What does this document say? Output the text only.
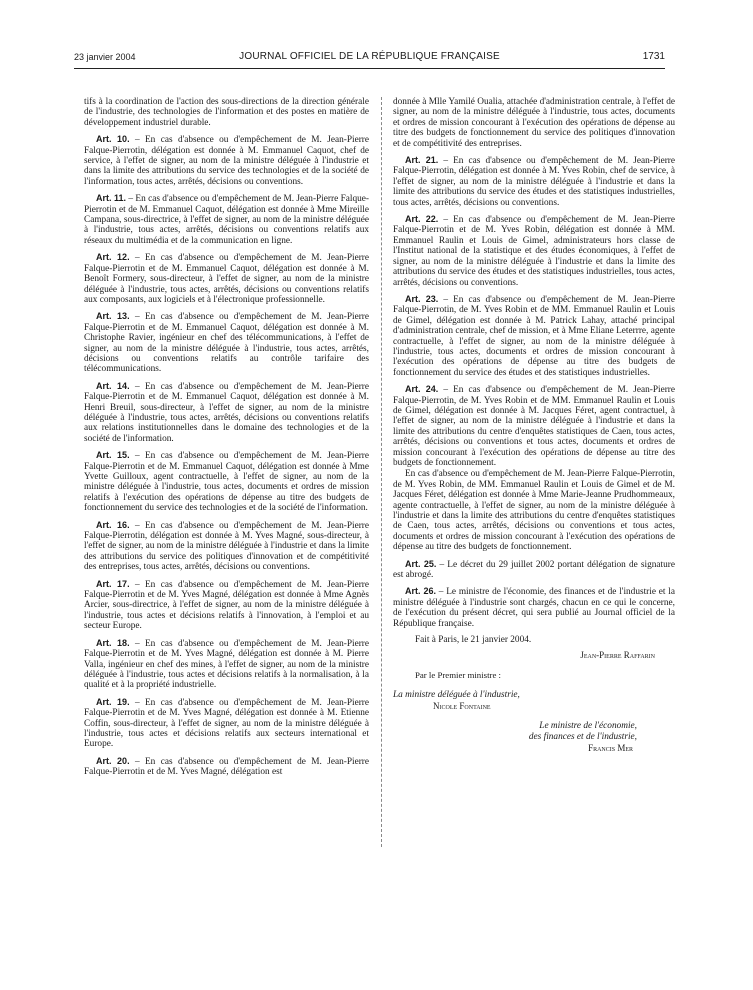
23 janvier 2004	JOURNAL OFFICIEL DE LA RÉPUBLIQUE FRANÇAISE	1731

tifs à la coordination de l'action des sous-directions de la direction générale de l'industrie, des technologies de l'information et des postes en matière de développement industriel durable.

Art. 10. – En cas d'absence ou d'empêchement de M. Jean-Pierre Falque-Pierrotin, délégation est donnée à M. Emmanuel Caquot, chef de service, à l'effet de signer, au nom de la ministre déléguée à l'industrie et dans la limite des attributions du service des technologies et de la société de l'information, tous actes, arrêtés, décisions ou conventions.

Art. 11. – En cas d'absence ou d'empêchement de M. Jean-Pierre Falque-Pierrotin et de M. Emmanuel Caquot, délégation est donnée à Mme Mireille Campana, sous-directrice, à l'effet de signer, au nom de la ministre déléguée à l'industrie, tous actes, arrêtés, décisions ou conventions relatifs aux réseaux du multimédia et de la communication en ligne.

Art. 12. – En cas d'absence ou d'empêchement de M. Jean-Pierre Falque-Pierrotin et de M. Emmanuel Caquot, délégation est donnée à M. Benoît Formery, sous-directeur, à l'effet de signer, au nom de la ministre déléguée à l'industrie, tous actes, arrêtés, décisions ou conventions relatifs aux composants, aux logiciels et à l'électronique professionnelle.

Art. 13. – En cas d'absence ou d'empêchement de M. Jean-Pierre Falque-Pierrotin et de M. Emmanuel Caquot, délégation est donnée à M. Christophe Ravier, ingénieur en chef des télécommunications, à l'effet de signer, au nom de la ministre déléguée à l'industrie, tous actes, arrêtés, décisions ou conventions relatifs au contrôle tarifaire des télécommunications.

Art. 14. – En cas d'absence ou d'empêchement de M. Jean-Pierre Falque-Pierrotin et de M. Emmanuel Caquot, délégation est donnée à M. Henri Breuil, sous-directeur, à l'effet de signer, au nom de la ministre déléguée à l'industrie, tous actes, arrêtés, décisions ou conventions relatifs aux relations institutionnelles dans le domaine des technologies et de la société de l'information.

Art. 15. – En cas d'absence ou d'empêchement de M. Jean-Pierre Falque-Pierrotin et de M. Emmanuel Caquot, délégation est donnée à Mme Yvette Guilloux, agent contractuelle, à l'effet de signer, au nom de la ministre déléguée à l'industrie, tous actes, documents et ordres de mission relatifs à l'exécution des opérations de dépense au titre des budgets de fonctionnement du service des technologies et de la société de l'information.

Art. 16. – En cas d'absence ou d'empêchement de M. Jean-Pierre Falque-Pierrotin, délégation est donnée à M. Yves Magné, sous-directeur, à l'effet de signer, au nom de la ministre déléguée à l'industrie et dans la limite des attributions du service des politiques d'innovation et de compétitivité des entreprises, tous actes, arrêtés, décisions ou conventions.

Art. 17. – En cas d'absence ou d'empêchement de M. Jean-Pierre Falque-Pierrotin et de M. Yves Magné, délégation est donnée à Mme Agnès Arcier, sous-directrice, à l'effet de signer, au nom de la ministre déléguée à l'industrie, tous actes et décisions relatifs à l'innovation, à l'emploi et au secteur Europe.

Art. 18. – En cas d'absence ou d'empêchement de M. Jean-Pierre Falque-Pierrotin et de M. Yves Magné, délégation est donnée à M. Pierre Valla, ingénieur en chef des mines, à l'effet de signer, au nom de la ministre déléguée à l'industrie, tous actes et décisions relatifs à la normalisation, à la qualité et à la propriété industrielle.

Art. 19. – En cas d'absence ou d'empêchement de M. Jean-Pierre Falque-Pierrotin et de M. Yves Magné, délégation est donnée à M. Etienne Coffin, sous-directeur, à l'effet de signer, au nom de la ministre déléguée à l'industrie, tous actes et décisions relatifs aux secteurs international et Europe.

Art. 20. – En cas d'absence ou d'empêchement de M. Jean-Pierre Falque-Pierrotin et de M. Yves Magné, délégation est

donnée à Mlle Yamilé Oualia, attachée d'administration centrale, à l'effet de signer, au nom de la ministre déléguée à l'industrie, tous actes, documents et ordres de mission concourant à l'exécution des opérations de dépense au titre des budgets de fonctionnement du service des politiques d'innovation et de compétitivité des entreprises.

Art. 21. – En cas d'absence ou d'empêchement de M. Jean-Pierre Falque-Pierrotin, délégation est donnée à M. Yves Robin, chef de service, à l'effet de signer, au nom de la ministre déléguée à l'industrie et dans la limite des attributions du service des études et des statistiques industrielles, tous actes, arrêtés, décisions ou conventions.

Art. 22. – En cas d'absence ou d'empêchement de M. Jean-Pierre Falque-Pierrotin et de M. Yves Robin, délégation est donnée à MM. Emmanuel Raulin et Louis de Gimel, administrateurs hors classe de l'Institut national de la statistique et des études économiques, à l'effet de signer, au nom de la ministre déléguée à l'industrie et dans la limite des attributions du service des études et des statistiques industrielles, tous actes, arrêtés, décisions ou conventions.

Art. 23. – En cas d'absence ou d'empêchement de M. Jean-Pierre Falque-Pierrotin, de M. Yves Robin et de MM. Emmanuel Raulin et Louis de Gimel, délégation est donnée à M. Patrick Lahay, attaché principal d'administration centrale, chef de mission, et à Mme Eliane Leterrre, agente contractuelle, à l'effet de signer, au nom de la ministre déléguée à l'industrie, tous actes, documents et ordres de mission concourant à l'exécution des opérations de dépense au titre des budgets de fonctionnement du service des études et des statistiques industrielles.

Art. 24. – En cas d'absence ou d'empêchement de M. Jean-Pierre Falque-Pierrotin, de M. Yves Robin et de MM. Emmanuel Raulin et Louis de Gimel, délégation est donnée à M. Jacques Féret, agent contractuel, à l'effet de signer, au nom de la ministre déléguée à l'industrie et dans la limite des attributions du centre d'enquêtes statistiques de Caen, tous actes, arrêtés, décisions ou conventions et tous actes, documents et ordres de mission concourant à l'exécution des opérations de dépense au titre des budgets de fonctionnement.

En cas d'absence ou d'empêchement de M. Jean-Pierre Falque-Pierrotin, de M. Yves Robin, de MM. Emmanuel Raulin et Louis de Gimel et de M. Jacques Féret, délégation est donnée à Mme Marie-Jeanne Prudhommeaux, agente contractuelle, à l'effet de signer, au nom de la ministre déléguée à l'industrie et dans la limite des attributions du centre d'enquêtes statistiques de Caen, tous actes, arrêtés, décisions ou conventions et tous actes, documents et ordres de mission concourant à l'exécution des opérations de dépense au titre des budgets de fonctionnement.

Art. 25. – Le décret du 29 juillet 2002 portant délégation de signature est abrogé.

Art. 26. – Le ministre de l'économie, des finances et de l'industrie et la ministre déléguée à l'industrie sont chargés, chacun en ce qui le concerne, de l'exécution du présent décret, qui sera publié au Journal officiel de la République française.

Fait à Paris, le 21 janvier 2004.
Jean-Pierre Raffarin
Par le Premier ministre :
La ministre déléguée à l'industrie,
Nicole Fontaine
Le ministre de l'économie,
des finances et de l'industrie,
Francis Mer
